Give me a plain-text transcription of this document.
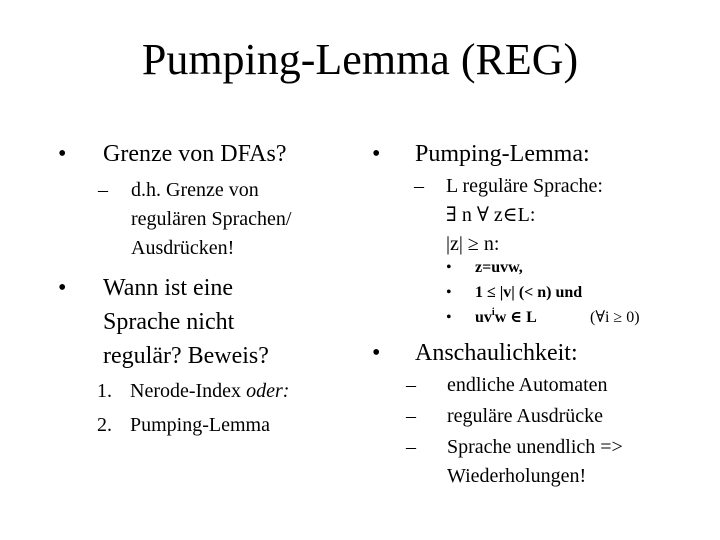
Pumping-Lemma (REG)
• Grenze von DFAs?
– d.h. Grenze von
regulären Sprachen/
Ausdrücken!
• Wann ist eine
Sprache nicht
regulär? Beweis?
1. Nerode-Index oder:
2. Pumping-Lemma
• Pumping-Lemma:
– L reguläre Sprache:
∃ n ∀ z∈L:
|z| ≥ n:
• z=uvw,
• 1 ≤ |v| (< n) und
• $uv^iw$ ∈ L	(∀i ≥ 0)
• Anschaulichkeit:
– endliche Automaten
– reguläre Ausdrücke
– Sprache unendlich =>
Wiederholungen!
